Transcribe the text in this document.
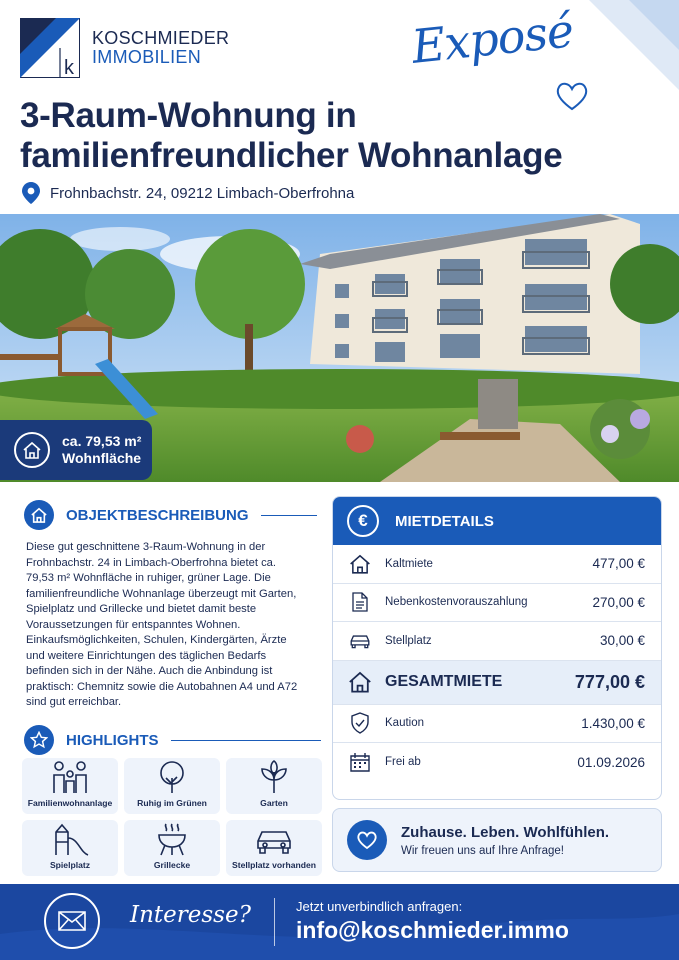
k
KOSCHMIEDER
IMMOBILIEN	Exposé
3-Raum-Wohnung in familienfreundlicher Wohnanlage
Frohnbachstr. 24, 09212 Limbach-Oberfrohna
ca. 79,53 m²
Wohnfläche
OBJEKTBESCHREIBUNG

Diese gut geschnittene 3-Raum-Wohnung in der Frohnbachstr. 24 in Limbach-Oberfrohna bietet ca. 79,53 m² Wohnfläche in ruhiger, grüner Lage. Die familienfreundliche Wohnanlage überzeugt mit Garten, Spielplatz und Grillecke und bietet damit beste Voraussetzungen für entspanntes Wohnen. Einkaufsmöglichkeiten, Schulen, Kindergärten, Ärzte und weitere Einrichtungen des täglichen Bedarfs befinden sich in der Nähe. Auch die Anbindung ist praktisch: Chemnitz sowie die Autobahnen A4 und A72 sind gut erreichbar.

HIGHLIGHTS
Familienwohnanlage	Ruhig im Grünen	Garten
Spielplatz	Grillecke	Stellplatz vorhanden
€	MIETDETAILS
Kaltmiete	477,00 €
Nebenkostenvorauszahlung	270,00 €
Stellplatz	30,00 €
GESAMTMIETE	777,00 €
Kaution	1.430,00 €
Frei ab	01.09.2026
Zuhause. Leben. Wohlfühlen.
Wir freuen uns auf Ihre Anfrage!
Interesse?	Jetzt unverbindlich anfragen:
info@koschmieder.immo
